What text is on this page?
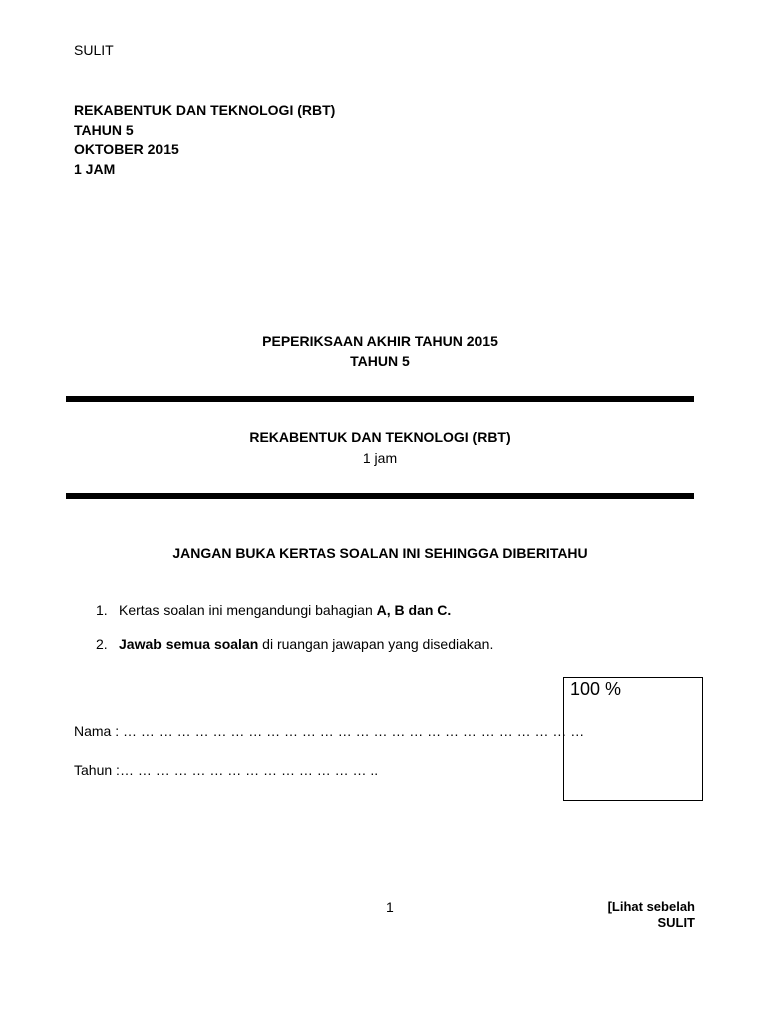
SULIT
REKABENTUK DAN TEKNOLOGI (RBT)
TAHUN 5
OKTOBER 2015
1 JAM
PEPERIKSAAN AKHIR TAHUN 2015
TAHUN 5
REKABENTUK DAN TEKNOLOGI (RBT)
1 jam
JANGAN BUKA KERTAS SOALAN INI SEHINGGA DIBERITAHU
1. Kertas soalan ini mengandungi bahagian A, B dan C.
2. Jawab semua soalan di ruangan jawapan yang disediakan.
Nama : … … … … … … … … … … … … … … … … … … … … … … … … … …
Tahun :… … … … … … … … … … … … … … ..
100 %
1	[Lihat sebelah
SULIT
